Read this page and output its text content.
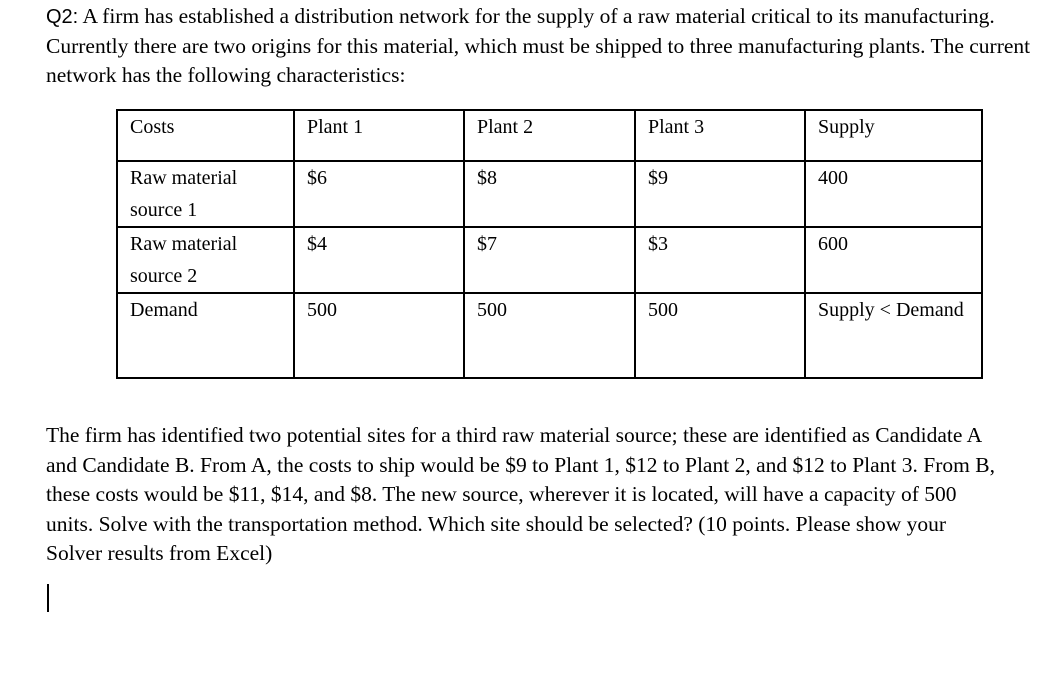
Q2: A firm has established a distribution network for the supply of a raw material critical to its manufacturing. Currently there are two origins for this material, which must be shipped to three manufacturing plants. The current network has the following characteristics:
Costs	Plant 1	Plant 2	Plant 3	Supply

Raw material source 1	$6	$8	$9	400

Raw material source 2	$4	$7	$3	600

Demand	500	500	500	Supply < Demand
The firm has identified two potential sites for a third raw material source; these are identified as Candidate A and Candidate B. From A, the costs to ship would be $9 to Plant 1, $12 to Plant 2, and $12 to Plant 3. From B, these costs would be $11, $14, and $8. The new source, wherever it is located, will have a capacity of 500 units. Solve with the transportation method. Which site should be selected? (10 points. Please show your Solver results from Excel)
